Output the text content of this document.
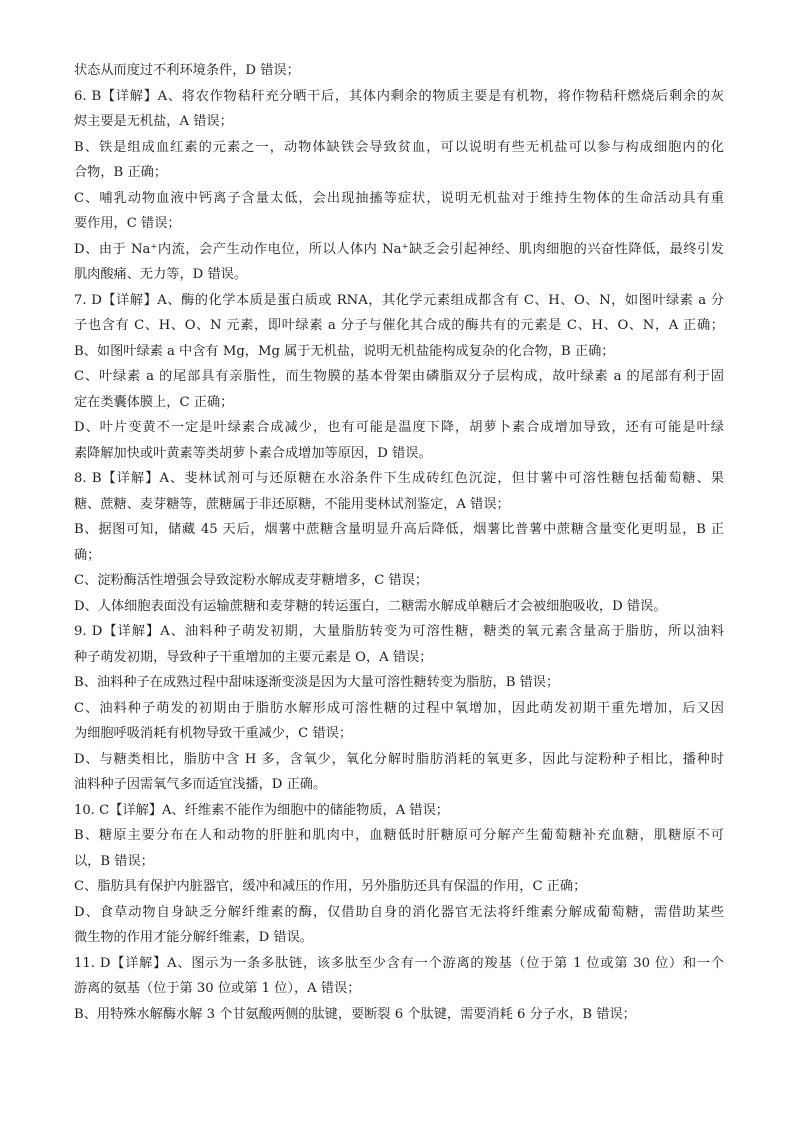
状态从而度过不利环境条件，D 错误；
6. B【详解】A、将农作物秸秆充分晒干后，其体内剩余的物质主要是有机物，将作物秸秆燃烧后剩余的灰
烬主要是无机盐，A 错误；
B、铁是组成血红素的元素之一，动物体缺铁会导致贫血，可以说明有些无机盐可以参与构成细胞内的化
合物，B 正确；
C、哺乳动物血液中钙离子含量太低，会出现抽搐等症状，说明无机盐对于维持生物体的生命活动具有重
要作用，C 错误；
D、由于 Na⁺内流，会产生动作电位，所以人体内 Na⁺缺乏会引起神经、肌肉细胞的兴奋性降低，最终引发
肌肉酸痛、无力等，D 错误。
7. D【详解】A、酶的化学本质是蛋白质或 RNA，其化学元素组成都含有 C、H、O、N，如图叶绿素 a 分
子也含有 C、H、O、N 元素，即叶绿素 a 分子与催化其合成的酶共有的元素是 C、H、O、N，A 正确；
B、如图叶绿素 a 中含有 Mg，Mg 属于无机盐，说明无机盐能构成复杂的化合物，B 正确；
C、叶绿素 a 的尾部具有亲脂性，而生物膜的基本骨架由磷脂双分子层构成，故叶绿素 a 的尾部有利于固
定在类囊体膜上，C 正确；
D、叶片变黄不一定是叶绿素合成减少，也有可能是温度下降，胡萝卜素合成增加导致，还有可能是叶绿
素降解加快或叶黄素等类胡萝卜素合成增加等原因，D 错误。
8. B【详解】A、斐林试剂可与还原糖在水浴条件下生成砖红色沉淀，但甘薯中可溶性糖包括葡萄糖、果
糖、蔗糖、麦芽糖等，蔗糖属于非还原糖，不能用斐林试剂鉴定，A 错误；
B、据图可知，储藏 45 天后，烟薯中蔗糖含量明显升高后降低，烟薯比普薯中蔗糖含量变化更明显，B 正
确；
C、淀粉酶活性增强会导致淀粉水解成麦芽糖增多，C 错误；
D、人体细胞表面没有运输蔗糖和麦芽糖的转运蛋白，二糖需水解成单糖后才会被细胞吸收，D 错误。
9. D【详解】A、油料种子萌发初期，大量脂肪转变为可溶性糖，糖类的氧元素含量高于脂肪，所以油料
种子萌发初期，导致种子干重增加的主要元素是 O，A 错误；
B、油料种子在成熟过程中甜味逐渐变淡是因为大量可溶性糖转变为脂肪，B 错误；
C、油料种子萌发的初期由于脂肪水解形成可溶性糖的过程中氧增加，因此萌发初期干重先增加，后又因
为细胞呼吸消耗有机物导致干重减少，C 错误；
D、与糖类相比，脂肪中含 H 多，含氧少，氧化分解时脂肪消耗的氧更多，因此与淀粉种子相比，播种时
油料种子因需氧气多而适宜浅播，D 正确。
10. C【详解】A、纤维素不能作为细胞中的储能物质，A 错误；
B、糖原主要分布在人和动物的肝脏和肌肉中，血糖低时肝糖原可分解产生葡萄糖补充血糖，肌糖原不可
以，B 错误；
C、脂肪具有保护内脏器官，缓冲和减压的作用，另外脂肪还具有保温的作用，C 正确；
D、食草动物自身缺乏分解纤维素的酶，仅借助自身的消化器官无法将纤维素分解成葡萄糖，需借助某些
微生物的作用才能分解纤维素，D 错误。
11. D【详解】A、图示为一条多肽链，该多肽至少含有一个游离的羧基（位于第 1 位或第 30 位）和一个
游离的氨基（位于第 30 位或第 1 位），A 错误；
B、用特殊水解酶水解 3 个甘氨酸两侧的肽键，要断裂 6 个肽键，需要消耗 6 分子水，B 错误；
